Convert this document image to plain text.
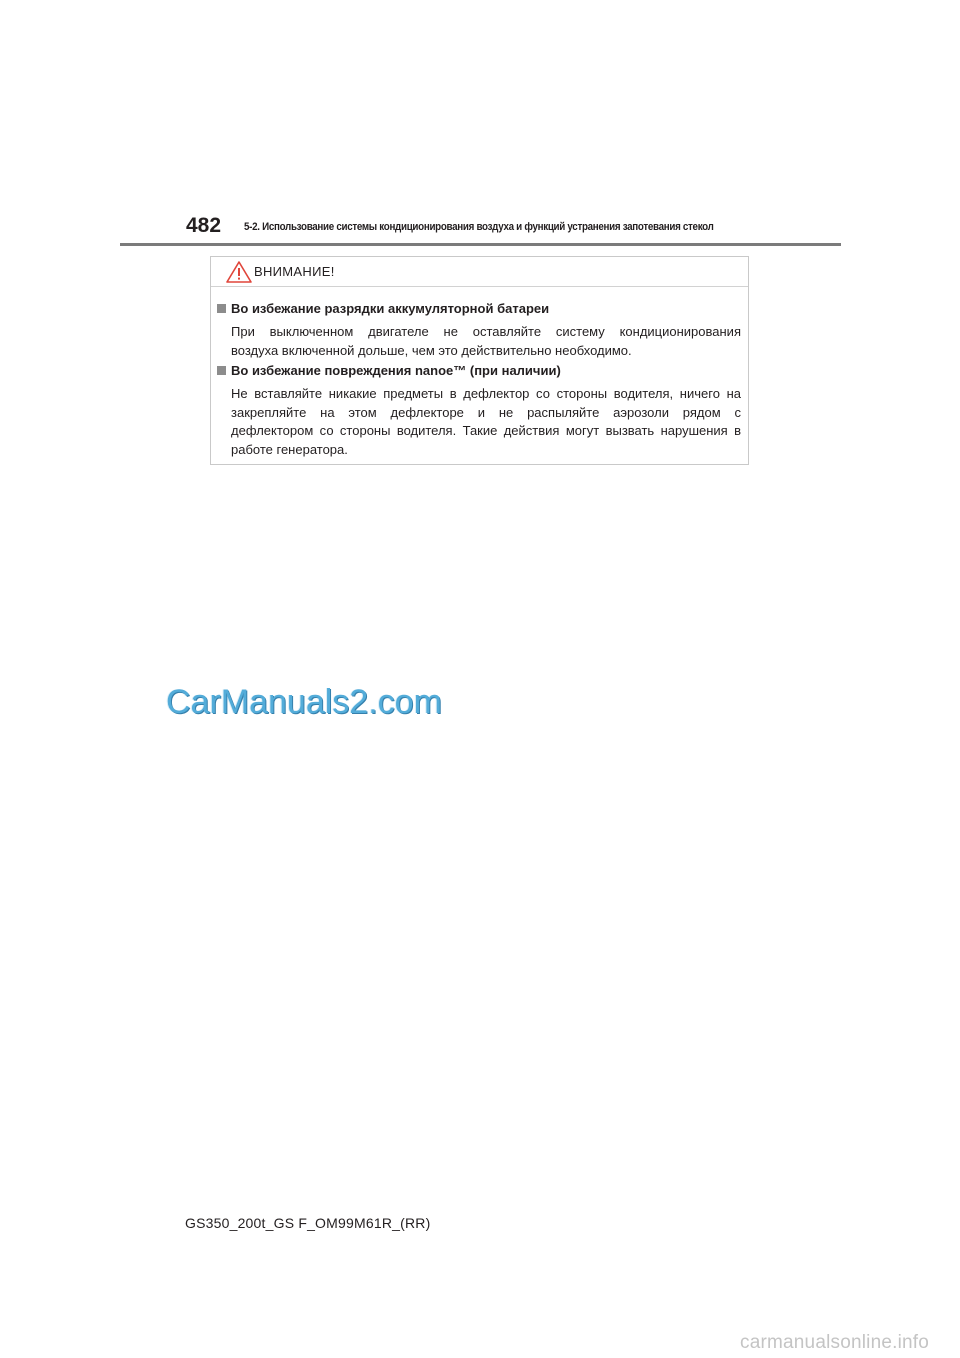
482 5-2. Использование системы кондиционирования воздуха и функций устранения запотевания стекол
ВНИМАНИЕ!
Во избежание разрядки аккумуляторной батареи
При выключенном двигателе не оставляйте систему кондиционирования
воздуха включенной дольше, чем это действительно необходимо.
Во избежание повреждения nanoe™ (при наличии)
Не вставляйте никакие предметы в дефлектор со стороны водителя, ничего на
закрепляйте на этом дефлекторе и не распыляйте аэрозоли рядом с
дефлектором со стороны водителя. Такие действия могут вызвать нарушения в
работе генератора.
CarManuals2.com
GS350_200t_GS F_OM99M61R_(RR)
carmanualsonline.info
